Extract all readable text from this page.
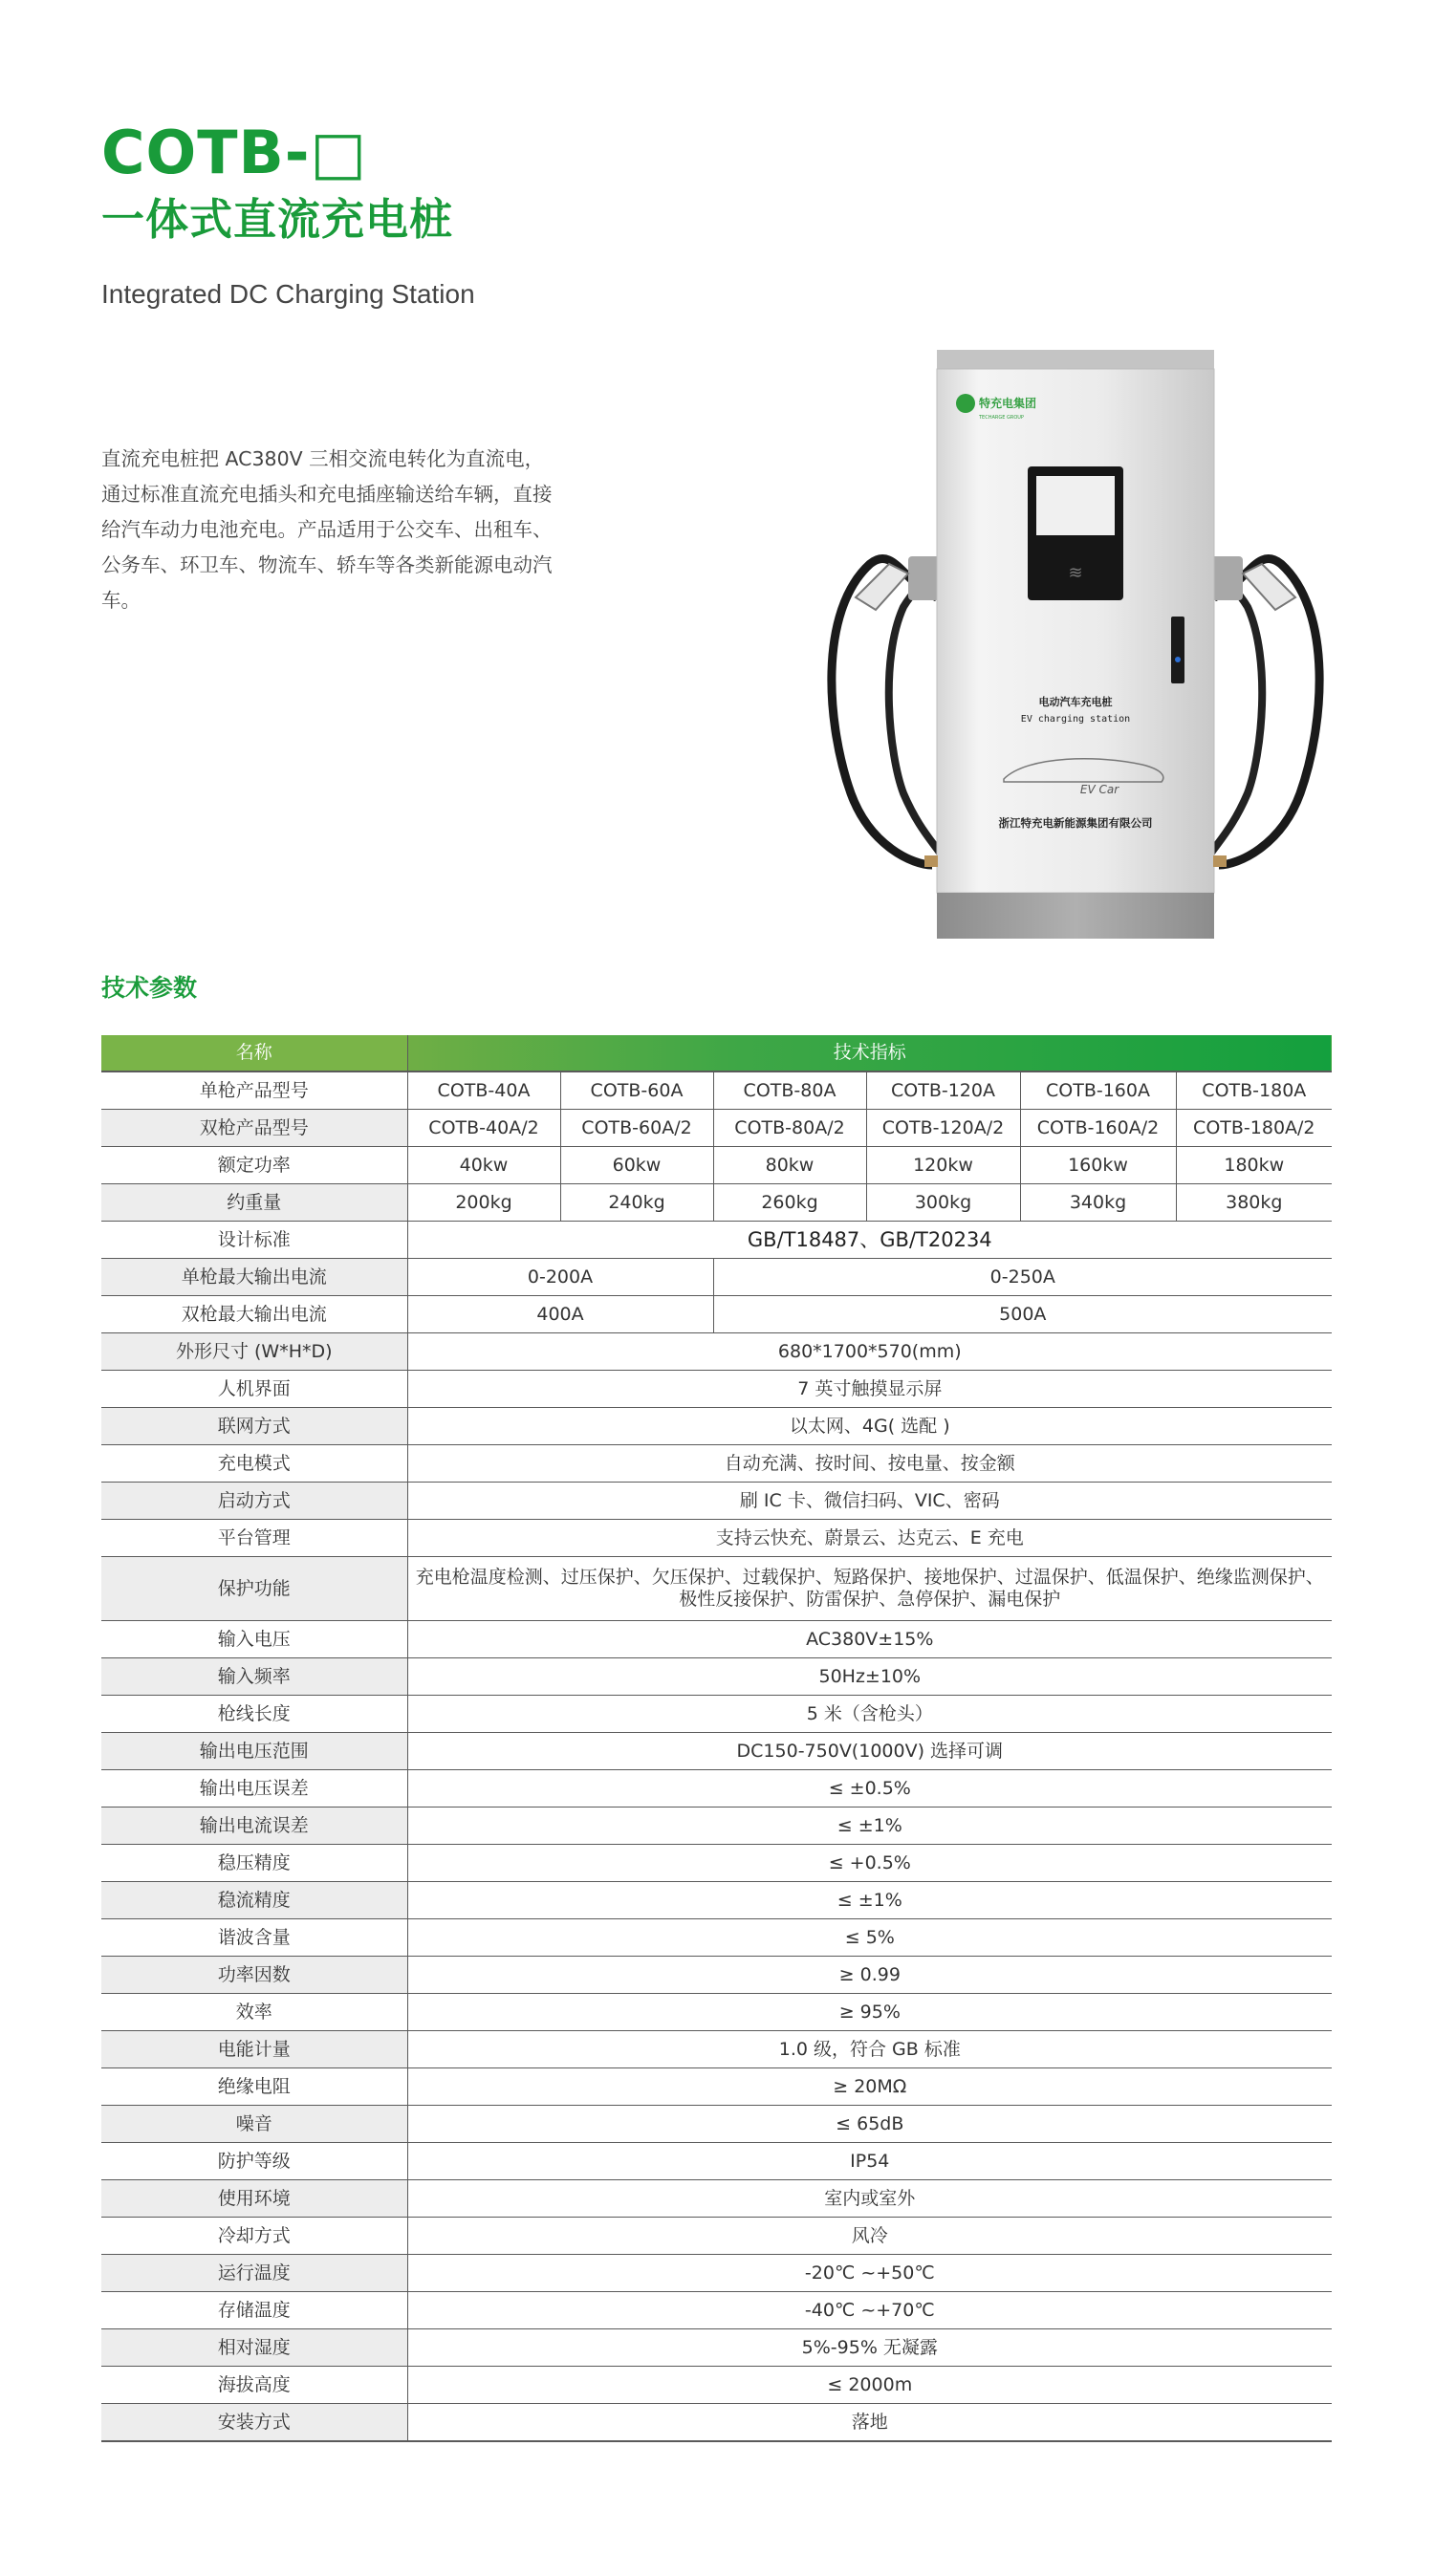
COTB-□
一体式直流充电桩

Integrated DC Charging Station

直流充电桩把 AC380V 三相交流电转化为直流电，通过标准直流充电插头和充电插座输送给车辆，直接给汽车动力电池充电。产品适用于公交车、出租车、公务车、环卫车、物流车、轿车等各类新能源电动汽车。

特充电集团
TECHARGE GROUP
≋
电动汽车充电桩
EV charging station
EV Car
浙江特充电新能源集团有限公司
技术参数
名称	技术指标					
单枪产品型号	COTB-40A	COTB-60A	COTB-80A	COTB-120A	COTB-160A	COTB-180A
双枪产品型号	COTB-40A/2	COTB-60A/2	COTB-80A/2	COTB-120A/2	COTB-160A/2	COTB-180A/2
额定功率	40kw	60kw	80kw	120kw	160kw	180kw
约重量	200kg	240kg	260kg	300kg	340kg	380kg
设计标准	GB/T18487、GB/T20234					
单枪最大输出电流	0-200A		0-250A			
双枪最大输出电流	400A		500A			
外形尺寸 (W*H*D)	680*1700*570(mm)					
人机界面	7 英寸触摸显示屏					
联网方式	以太网、4G( 选配 )					
充电模式	自动充满、按时间、按电量、按金额					
启动方式	刷 IC 卡、微信扫码、VIC、密码					
平台管理	支持云快充、蔚景云、达克云、E 充电					
保护功能	充电枪温度检测、过压保护、欠压保护、过载保护、短路保护、接地保护、过温保护、低温保护、绝缘监测保护、极性反接保护、防雷保护、急停保护、漏电保护					
输入电压	AC380V±15%					
输入频率	50Hz±10%					
枪线长度	5 米（含枪头）					
输出电压范围	DC150-750V(1000V) 选择可调					
输出电压误差	≤ ±0.5%					
输出电流误差	≤ ±1%					
稳压精度	≤ +0.5%					
稳流精度	≤ ±1%					
谐波含量	≤ 5%					
功率因数	≥ 0.99					
效率	≥ 95%					
电能计量	1.0 级，符合 GB 标准					
绝缘电阻	≥ 20MΩ					
噪音	≤ 65dB					
防护等级	IP54					
使用环境	室内或室外					
冷却方式	风冷					
运行温度	-20℃ ~+50℃					
存储温度	-40℃ ~+70℃					
相对湿度	5%-95% 无凝露					
海拔高度	≤ 2000m					
安装方式	落地					
